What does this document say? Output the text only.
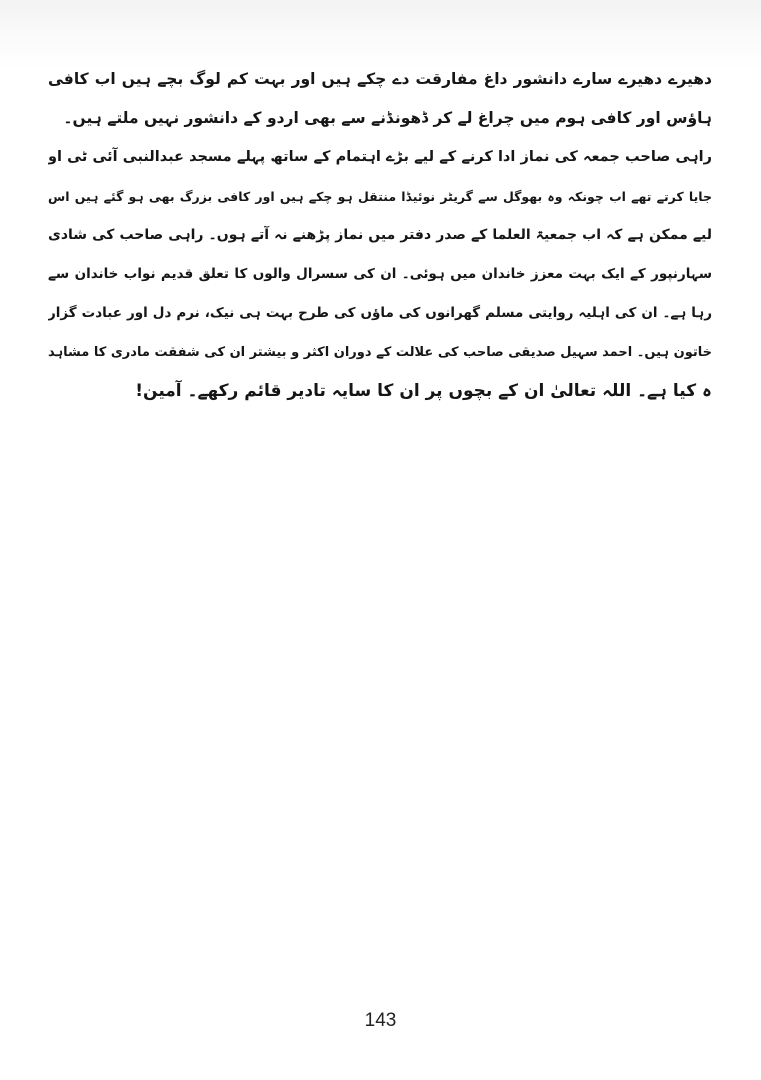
دھیرے دھیرے سارے دانشور داغ مفارقت دے چکے ہیں اور بہت کم لوگ بچے ہیں اب کافی
ہاؤس اور کافی ہوم میں چراغ لے کر ڈھونڈنے سے بھی اردو کے دانشور نہیں ملتے ہیں۔
راہی صاحب جمعہ کی نماز ادا کرنے کے لیے بڑے اہتمام کے ساتھ پہلے مسجد عبدالنبی آئی ٹی او
جایا کرتے تھے اب چونکہ وہ بھوگل سے گریٹر نوئیڈا منتقل ہو چکے ہیں اور کافی بزرگ بھی ہو گئے ہیں اس
لیے ممکن ہے کہ اب جمعیۃ العلما کے صدر دفتر میں نماز پڑھنے نہ آتے ہوں۔ راہی صاحب کی شادی
سہارنپور کے ایک بہت معزز خاندان میں ہوئی۔ ان کی سسرال والوں کا تعلق قدیم نواب خاندان سے
رہا ہے۔ ان کی اہلیہ روایتی مسلم گھرانوں کی ماؤں کی طرح بہت ہی نیک، نرم دل اور عبادت گزار
خاتون ہیں۔ احمد سہیل صدیقی صاحب کی علالت کے دوران اکثر و بیشتر ان کی شفقت مادری کا مشاہد
ہ کیا ہے۔ اللہ تعالیٰ ان کے بچوں پر ان کا سایہ تادیر قائم رکھے۔ آمین!
143
